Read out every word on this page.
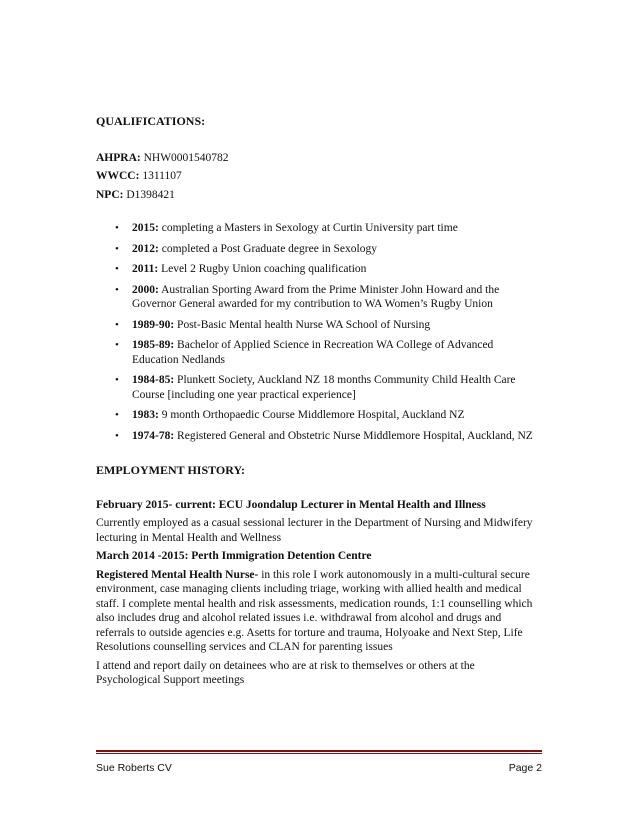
QUALIFICATIONS:

AHPRA: NHW0001540782

WWCC: 1311107

NPC: D1398421

• 2015: completing a Masters in Sexology at Curtin University part time
• 2012: completed a Post Graduate degree in Sexology
• 2011: Level 2 Rugby Union coaching qualification
• 2000: Australian Sporting Award from the Prime Minister John Howard and the Governor General awarded for my contribution to WA Women’s Rugby Union
• 1989-90: Post-Basic Mental health Nurse WA School of Nursing
• 1985-89: Bachelor of Applied Science in Recreation WA College of Advanced Education Nedlands
• 1984-85: Plunkett Society, Auckland NZ 18 months Community Child Health Care Course [including one year practical experience]
• 1983: 9 month Orthopaedic Course Middlemore Hospital, Auckland NZ
• 1974-78: Registered General and Obstetric Nurse Middlemore Hospital, Auckland, NZ

EMPLOYMENT HISTORY:

February 2015- current: ECU Joondalup Lecturer in Mental Health and Illness

Currently employed as a casual sessional lecturer in the Department of Nursing and Midwifery lecturing in Mental Health and Wellness

March 2014 -2015: Perth Immigration Detention Centre

Registered Mental Health Nurse- in this role I work autonomously in a multi-cultural secure environment, case managing clients including triage, working with allied health and medical staff. I complete mental health and risk assessments, medication rounds, 1:1 counselling which also includes drug and alcohol related issues i.e. withdrawal from alcohol and drugs and referrals to outside agencies e.g. Asetts for torture and trauma, Holyoake and Next Step, Life Resolutions counselling services and CLAN for parenting issues

I attend and report daily on detainees who are at risk to themselves or others at the Psychological Support meetings

Sue Roberts CV	Page 2
